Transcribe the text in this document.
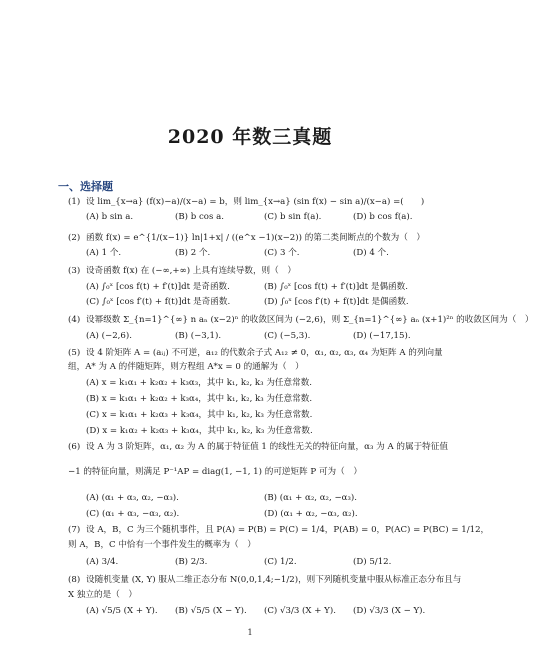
2020 年数三真题
一、选择题
(1) 设 lim_{x→a} (f(x)−a)/(x−a) = b，则 lim_{x→a} (sin f(x) − sin a)/(x−a) =(　　)
(A) b sin a.	(B) b cos a.	(C) b sin f(a).	(D) b cos f(a).
(2) 函数 f(x) = e^{1/(x−1)} ln|1+x| / ((e^x −1)(x−2)) 的第二类间断点的个数为（　）
(A) 1 个.	(B) 2 个.	(C) 3 个.	(D) 4 个.
(3) 设奇函数 f(x) 在 (−∞,+∞) 上具有连续导数，则（　）
(A) ∫₀ˣ [cos f(t) + f′(t)]dt 是奇函数.	(B) ∫₀ˣ [cos f(t) + f′(t)]dt 是偶函数.
(C) ∫₀ˣ [cos f′(t) + f(t)]dt 是奇函数.	(D) ∫₀ˣ [cos f′(t) + f(t)]dt 是偶函数.
(4) 设幂级数 Σ_{n=1}^{∞} n aₙ (x−2)ⁿ 的收敛区间为 (−2,6)，则 Σ_{n=1}^{∞} aₙ (x+1)²ⁿ 的收敛区间为（　）
(A) (−2,6).	(B) (−3,1).	(C) (−5,3).	(D) (−17,15).
(5) 设 4 阶矩阵 A = (aᵢⱼ) 不可逆，a₁₂ 的代数余子式 A₁₂ ≠ 0，α₁, α₂, α₃, α₄ 为矩阵 A 的列向量
组，A* 为 A 的伴随矩阵，则方程组 A*x = 0 的通解为（　）
(A) x = k₁α₁ + k₂α₂ + k₃α₃，其中 k₁, k₂, k₃ 为任意常数.
(B) x = k₁α₁ + k₂α₂ + k₃α₄，其中 k₁, k₂, k₃ 为任意常数.
(C) x = k₁α₁ + k₂α₃ + k₃α₄，其中 k₁, k₂, k₃ 为任意常数.
(D) x = k₁α₂ + k₂α₃ + k₃α₄，其中 k₁, k₂, k₃ 为任意常数.
(6) 设 A 为 3 阶矩阵，α₁, α₂ 为 A 的属于特征值 1 的线性无关的特征向量，α₃ 为 A 的属于特征值
−1 的特征向量，则满足 P⁻¹AP = diag(1, −1, 1) 的可逆矩阵 P 可为（　）
(A) (α₁ + α₃, α₂, −α₃).	(B) (α₁ + α₂, α₂, −α₃).
(C) (α₁ + α₃, −α₃, α₂).	(D) (α₁ + α₂, −α₃, α₂).
(7) 设 A，B，C 为三个随机事件，且 P(A) = P(B) = P(C) = 1/4，P(AB) = 0，P(AC) = P(BC) = 1/12，
则 A，B，C 中恰有一个事件发生的概率为（　）
(A) 3/4.	(B) 2/3.	(C) 1/2.	(D) 5/12.
(8) 设随机变量 (X, Y) 服从二维正态分布 N(0,0,1,4;−1/2)，则下列随机变量中服从标准正态分布且与
X 独立的是（　）
(A) √5/5 (X + Y).	(B) √5/5 (X − Y).	(C) √3/3 (X + Y).	(D) √3/3 (X − Y).
1
